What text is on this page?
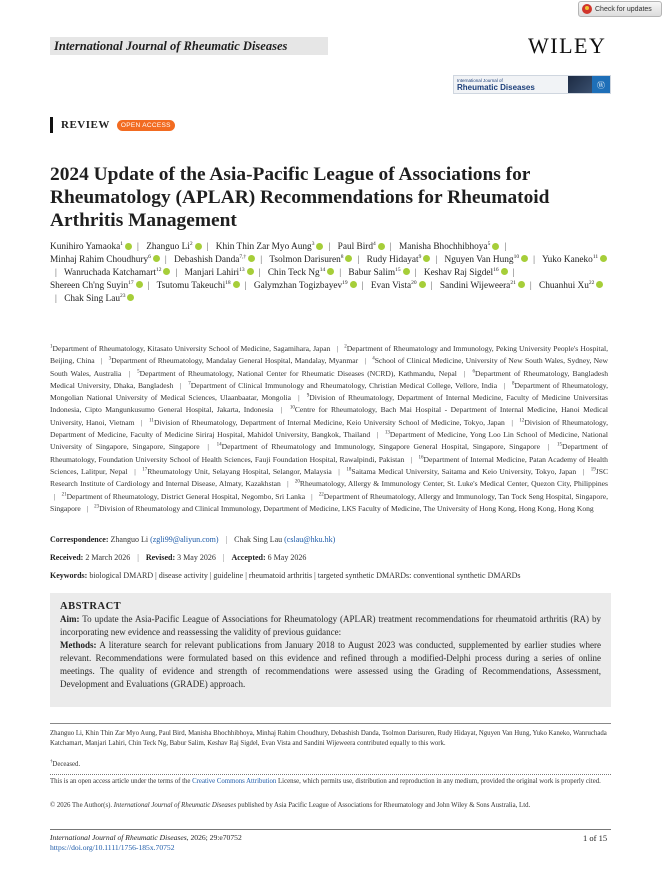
Check for updates
International Journal of Rheumatic Diseases	WILEY
International Journal of
Rheumatic Diseases	Ⓦ
REVIEW	OPEN ACCESS
2024 Update of the Asia-Pacific League of Associations for Rheumatology (APLAR) Recommendations for Rheumatoid Arthritis Management
Kunihiro Yamaoka$^1$ | Zhanguo Li$^2$ | Khin Thin Zar Myo Aung$^3$ | Paul Bird$^4$ | Manisha Bhochhibhoya$^5$ | Minhaj Rahim Choudhury$^6$ | Debashish Danda$^{7,\dagger}$ | Tsolmon Darisuren$^8$ | Rudy Hidayat$^9$ | Nguyen Van Hung$^{10}$ | Yuko Kaneko$^{11}$| Wanruchada Katchamart$^{12}$ | Manjari Lahiri$^{13}$ | Chin Teck Ng$^{14}$ | Babur Salim$^{15}$ | Keshav Raj Sigdel$^{16}$ | Shereen Ch'ng Suyin$^{17}$ | Tsutomu Takeuchi$^{18}$ | Galymzhan Togizbayev$^{19}$ | Evan Vista$^{20}$ | Sandini Wijeweera$^{21}$ | Chuanhui Xu$^{22}$| Chak Sing Lau$^{23}$
$^1$Department of Rheumatology, Kitasato University School of Medicine, Sagamihara, Japan | $^2$Department of Rheumatology and Immunology, Peking University People's Hospital, Beijing, China | $^3$Department of Rheumatology, Mandalay General Hospital, Mandalay, Myanmar | $^4$School of Clinical Medicine, University of New South Wales, Sydney, New South Wales, Australia | $^5$Department of Rheumatology, National Center for Rheumatic Diseases (NCRD), Kathmandu, Nepal | $^6$Department of Rheumatology, Bangladesh Medical University, Dhaka, Bangladesh | $^7$Department of Clinical Immunology and Rheumatology, Christian Medical College, Vellore, India | $^8$Department of Rheumatology, Mongolian National University of Medical Sciences, Ulaanbaatar, Mongolia | $^9$Division of Rheumatology, Department of Internal Medicine, Faculty of Medicine Universitas Indonesia, Cipto Mangunkusumo General Hospital, Jakarta, Indonesia | $^{10}$Centre for Rheumatology, Bach Mai Hospital - Department of Internal Medicine, Hanoi Medical University, Hanoi, Vietnam | $^{11}$Division of Rheumatology, Department of Internal Medicine, Keio University School of Medicine, Tokyo, Japan | $^{12}$Division of Rheumatology, Department of Medicine, Faculty of Medicine Siriraj Hospital, Mahidol University, Bangkok, Thailand | $^{13}$Department of Medicine, Yong Loo Lin School of Medicine, National University of Singapore, Singapore, Singapore | $^{14}$Department of Rheumatology and Immunology, Singapore General Hospital, Singapore, Singapore | $^{15}$Department of Rheumatology, Foundation University School of Health Sciences, Fauji Foundation Hospital, Rawalpindi, Pakistan | $^{16}$Department of Internal Medicine, Patan Academy of Health Sciences, Lalitpur, Nepal | $^{17}$Rheumatology Unit, Selayang Hospital, Selangor, Malaysia | $^{18}$Saitama Medical University, Saitama and Keio University, Tokyo, Japan | $^{19}$JSC Research Institute of Cardiology and Internal Disease, Almaty, Kazakhstan | $^{20}$Rheumatology, Allergy & Immunology Center, St. Luke's Medical Center, Quezon City, Philippines | $^{21}$Department of Rheumatology, District General Hospital, Negombo, Sri Lanka | $^{22}$Department of Rheumatology, Allergy and Immunology, Tan Tock Seng Hospital, Singapore, Singapore | $^{23}$Division of Rheumatology and Clinical Immunology, Department of Medicine, LKS Faculty of Medicine, The University of Hong Kong, Hong Kong, Hong Kong
Correspondence: Zhanguo Li (zgli99@aliyun.com) | Chak Sing Lau (cslau@hku.hk)
Received: 2 March 2026 | Revised: 3 May 2026 | Accepted: 6 May 2026
Keywords: biological DMARD | disease activity | guideline | rheumatoid arthritis | targeted synthetic DMARDs: conventional synthetic DMARDs
ABSTRACT

Aim: To update the Asia-Pacific League of Associations for Rheumatology (APLAR) treatment recommendations for rheumatoid arthritis (RA) by incorporating new evidence and reassessing the validity of previous guidance:

Methods: A literature search for relevant publications from January 2018 to August 2023 was conducted, supplemented by earlier studies where relevant. Recommendations were formulated based on this evidence and refined through a modified-Delphi process during a series of online meetings. The quality of evidence and strength of recommendations were assessed using the Grading of Recommendations, Assessment, Development and Evaluations (GRADE) approach.

Zhanguo Li, Khin Thin Zar Myo Aung, Paul Bird, Manisha Bhochhibhoya, Minhaj Rahim Choudhury, Debashish Danda, Tsolmon Darisuren, Rudy Hidayat, Nguyen Van Hung, Yuko Kaneko, Wanruchada Katchamart, Manjari Lahiri, Chin Teck Ng, Babur Salim, Keshav Raj Sigdel, Evan Vista and Sandini Wijeweera contributed equally to this work.
†Deceased.
This is an open access article under the terms of the Creative Commons Attribution License, which permits use, distribution and reproduction in any medium, provided the original work is properly cited.
© 2026 The Author(s). International Journal of Rheumatic Diseases published by Asia Pacific League of Associations for Rheumatology and John Wiley & Sons Australia, Ltd.
International Journal of Rheumatic Diseases, 2026; 29:e70752
https://doi.org/10.1111/1756-185x.70752
1 of 15
